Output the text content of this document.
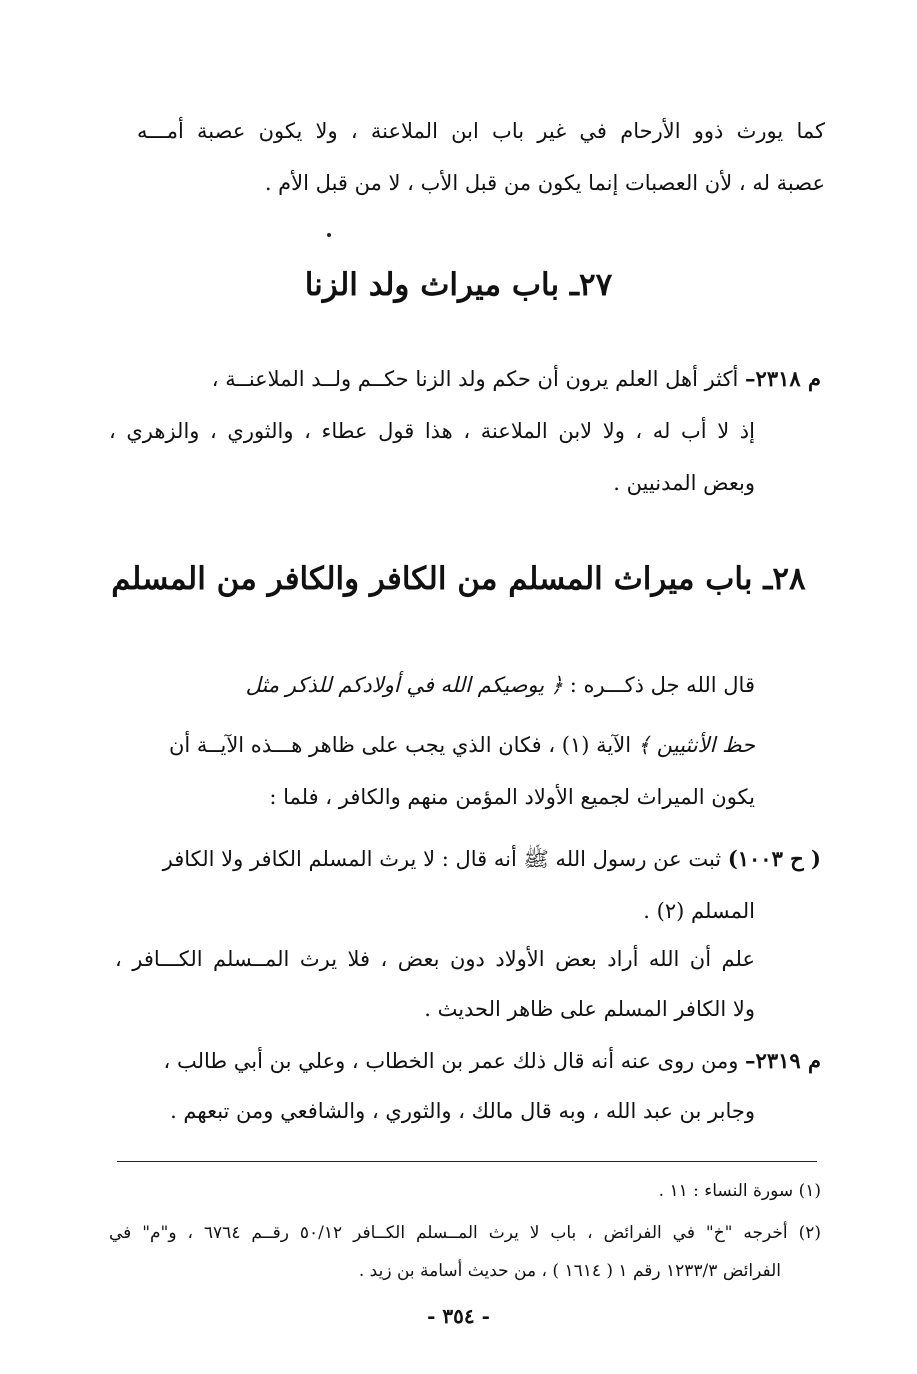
كما يورث ذوو الأرحام في غير باب ابن الملاعنة ، ولا يكون عصبة أمـــه
عصبة له ، لأن العصبات إنما يكون من قبل الأب ، لا من قبل الأم .
٢٧ـ باب ميراث ولد الزنا
م ٢٣١٨– أكثر أهل العلم يرون أن حكم ولد الزنا حكــم ولــد الملاعنــة ،
إذ لا أب له ، ولا لابن الملاعنة ، هذا قول عطاء ، والثوري ، والزهري ،
وبعض المدنيين .
٢٨ـ باب ميراث المسلم من الكافر والكافر من المسلم
قال الله جل ذكـــره : ﴿ يوصيكم الله في أولادكم للذكر مثل
حظ الأنثيين ﴾ الآية (١) ، فكان الذي يجب على ظاهر هـــذه الآيــة أن
يكون الميراث لجميع الأولاد المؤمن منهم والكافر ، فلما :
( ح ١٠٠٣) ثبت عن رسول الله ﷺ أنه قال : لا يرث المسلم الكافر ولا الكافر
المسلم (٢) .
علم أن الله أراد بعض الأولاد دون بعض ، فلا يرث المــسلم الكـــافر ،
ولا الكافر المسلم على ظاهر الحديث .
م ٢٣١٩– ومن روى عنه أنه قال ذلك عمر بن الخطاب ، وعلي بن أبي طالب ،
وجابر بن عبد الله ، وبه قال مالك ، والثوري ، والشافعي ومن تبعهم .
(١) سورة النساء : ١١ .
(٢) أخرجه "خ" في الفرائض ، باب لا يرث المــسلم الكــافر ٥٠/١٢ رقــم ٦٧٦٤ ، و"م" في
الفرائض ١٢٣٣/٣ رقم ١ ( ١٦١٤ ) ، من حديث أسامة بن زيد .
- ٣٥٤ -
